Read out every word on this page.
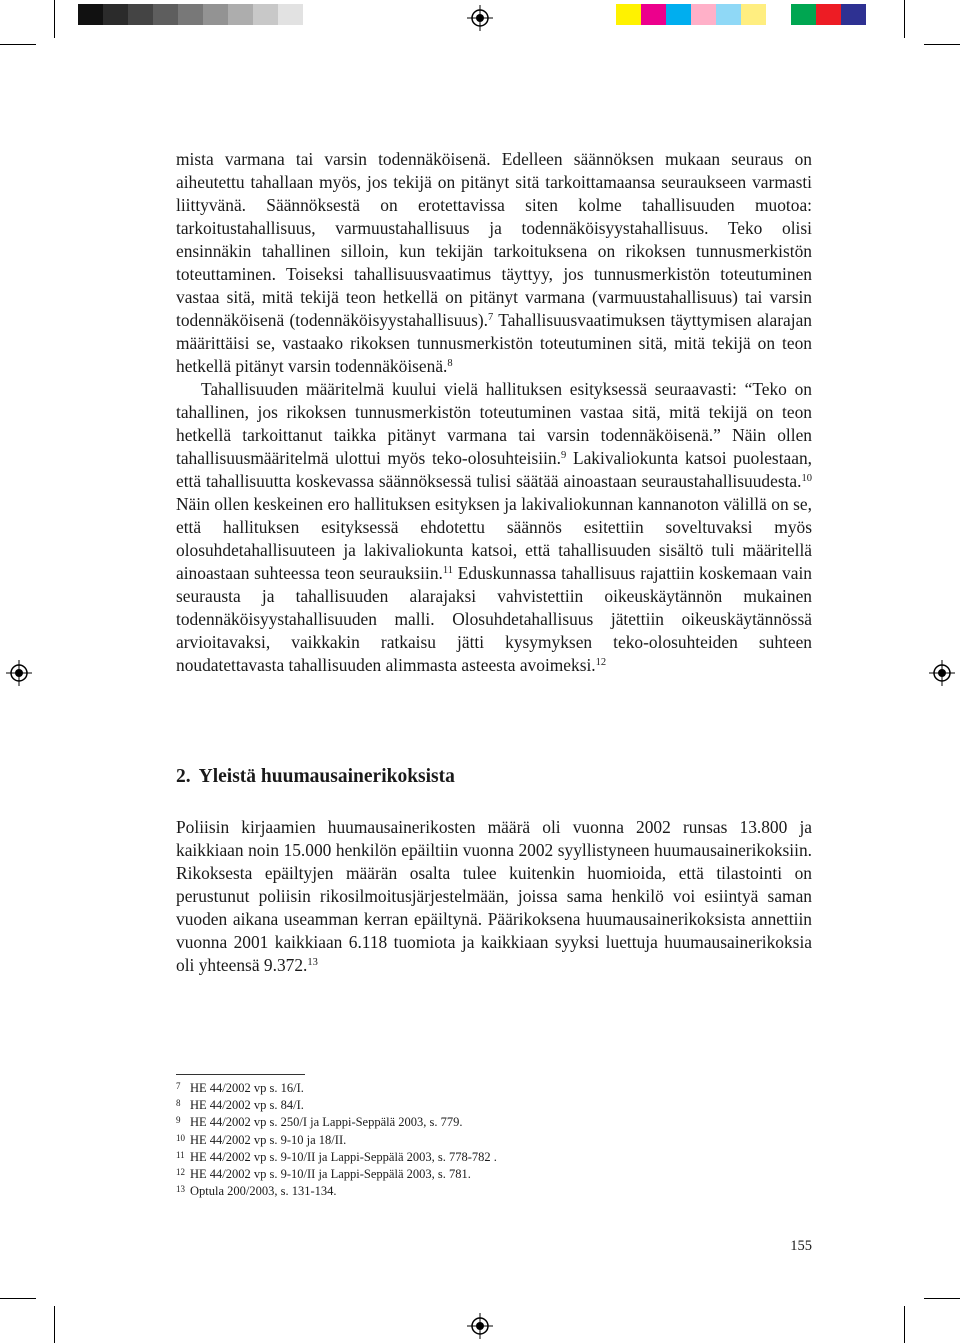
mista varmana tai varsin todennäköisenä. Edelleen säännöksen mukaan seuraus on aiheutettu tahallaan myös, jos tekijä on pitänyt sitä tarkoittamaansa seuraukseen varmasti liittyvänä. Säännöksestä on erotettavissa siten kolme tahallisuuden muotoa: tarkoitustahallisuus, varmuustahallisuus ja todennäköisyystahallisuus. Teko olisi ensinnäkin tahallinen silloin, kun tekijän tarkoituksena on rikoksen tunnusmerkistön toteuttaminen. Toiseksi tahallisuusvaatimus täyttyy, jos tunnusmerkistön toteutuminen vastaa sitä, mitä tekijä teon hetkellä on pitänyt varmana (varmuustahallisuus) tai varsin todennäköisenä (todennäköisyystahallisuus).$^7$ Tahallisuusvaatimuksen täyttymisen alarajan määrittäisi se, vastaako rikoksen tunnusmerkistön toteutuminen sitä, mitä tekijä on teon hetkellä pitänyt varsin todennäköisenä.$^8$

Tahallisuuden määritelmä kuului vielä hallituksen esityksessä seuraavasti: “Teko on tahallinen, jos rikoksen tunnusmerkistön toteutuminen vastaa sitä, mitä tekijä on teon hetkellä tarkoittanut taikka pitänyt varmana tai varsin todennäköisenä.” Näin ollen tahallisuusmääritelmä ulottui myös teko-olosuhteisiin.$^9$ Lakivaliokunta katsoi puolestaan, että tahallisuutta koskevassa säännöksessä tulisi säätää ainoastaan seuraustahallisuudesta.$^{10}$ Näin ollen keskeinen ero hallituksen esityksen ja lakivaliokunnan kannanoton välillä on se, että hallituksen esityksessä ehdotettu säännös esitettiin soveltuvaksi myös olosuhdetahallisuuteen ja lakivaliokunta katsoi, että tahallisuuden sisältö tuli määritellä ainoastaan suhteessa teon seurauksiin.$^{11}$ Eduskunnassa tahallisuus rajattiin koskemaan vain seurausta ja tahallisuuden alarajaksi vahvistettiin oikeuskäytännön mukainen todennäköisyystahallisuuden malli. Olosuhdetahallisuus jätettiin oikeuskäytännössä arvioitavaksi, vaikkakin ratkaisu jätti kysymyksen teko-olosuhteiden suhteen noudatettavasta tahallisuuden alimmasta asteesta avoimeksi.$^{12}$

2. Yleistä huumausainerikoksista

Poliisin kirjaamien huumausainerikosten määrä oli vuonna 2002 runsas 13.800 ja kaikkiaan noin 15.000 henkilön epäiltiin vuonna 2002 syyllistyneen huumausainerikoksiin. Rikoksesta epäiltyjen määrän osalta tulee kuitenkin huomioida, että tilastointi on perustunut poliisin rikosilmoitusjärjestelmään, joissa sama henkilö voi esiintyä saman vuoden aikana useamman kerran epäiltynä. Päärikoksena huumausainerikoksista annettiin vuonna 2001 kaikkiaan 6.118 tuomiota ja kaikkiaan syyksi luettuja huumausainerikoksia oli yhteensä 9.372.13

7 HE 44/2002 vp s. 16/I.
8 HE 44/2002 vp s. 84/I.
9 HE 44/2002 vp s. 250/I ja Lappi-Seppälä 2003, s. 779.
10 HE 44/2002 vp s. 9-10 ja 18/II.
11 HE 44/2002 vp s. 9-10/II ja Lappi-Seppälä 2003, s. 778-782 .
12 HE 44/2002 vp s. 9-10/II ja Lappi-Seppälä 2003, s. 781.
13 Optula 200/2003, s. 131-134.
155
